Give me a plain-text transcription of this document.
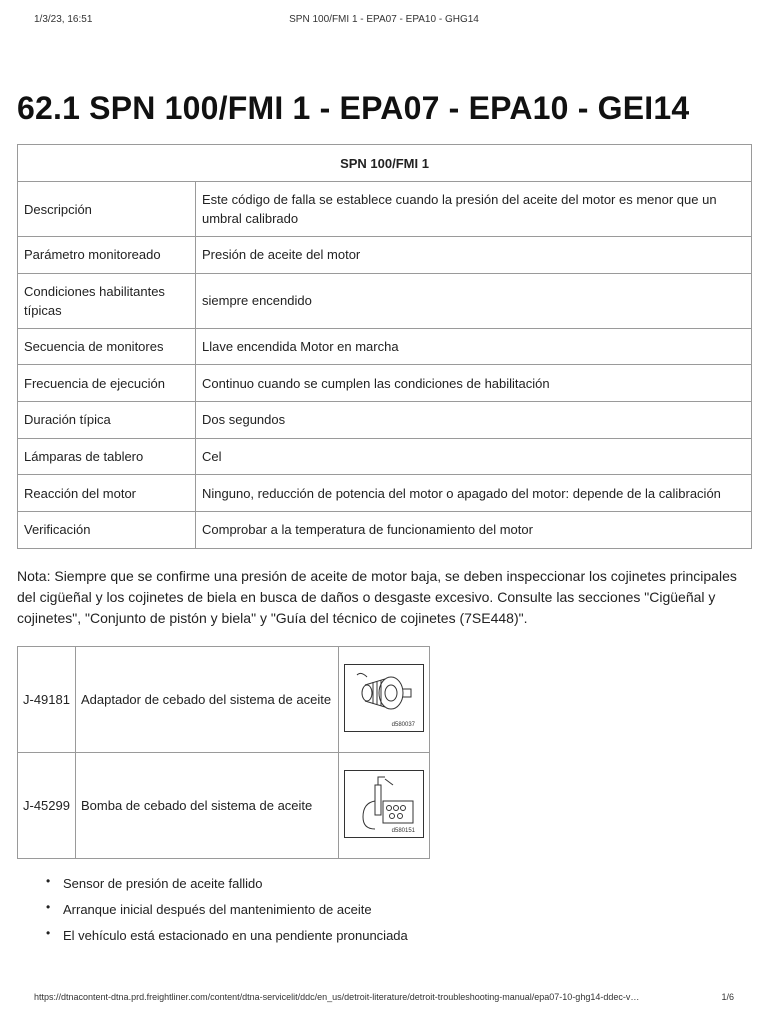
1/3/23, 16:51	SPN 100/FMI 1 - EPA07 - EPA10 - GHG14
62.1 SPN 100/FMI 1 - EPA07 - EPA10 - GEI14
SPN 100/FMI 1	
Descripción	Este código de falla se establece cuando la presión del aceite del motor es menor que un umbral calibrado
Parámetro monitoreado	Presión de aceite del motor
Condiciones habilitantes típicas	siempre encendido
Secuencia de monitores	Llave encendida Motor en marcha
Frecuencia de ejecución	Continuo cuando se cumplen las condiciones de habilitación
Duración típica	Dos segundos
Lámparas de tablero	Cel
Reacción del motor	Ninguno, reducción de potencia del motor o apagado del motor: depende de la calibración
Verificación	Comprobar a la temperatura de funcionamiento del motor

Nota: Siempre que se confirme una presión de aceite de motor baja, se deben inspeccionar los cojinetes principales del cigüeñal y los cojinetes de biela en busca de daños o desgaste excesivo. Consulte las secciones "Cigüeñal y cojinetes", "Conjunto de pistón y biela" y "Guía del técnico de cojinetes (7SE448)".

J-49181	Adaptador de cebado del sistema de aceite	d580037

J-45299	Bomba de cebado del sistema de aceite	d580151
• Sensor de presión de aceite fallido
• Arranque inicial después del mantenimiento de aceite
• El vehículo está estacionado en una pendiente pronunciada
https://dtnacontent-dtna.prd.freightliner.com/content/dtna-servicelit/ddc/en_us/detroit-literature/detroit-troubleshooting-manual/epa07-10-ghg14-ddec-v…	1/6
